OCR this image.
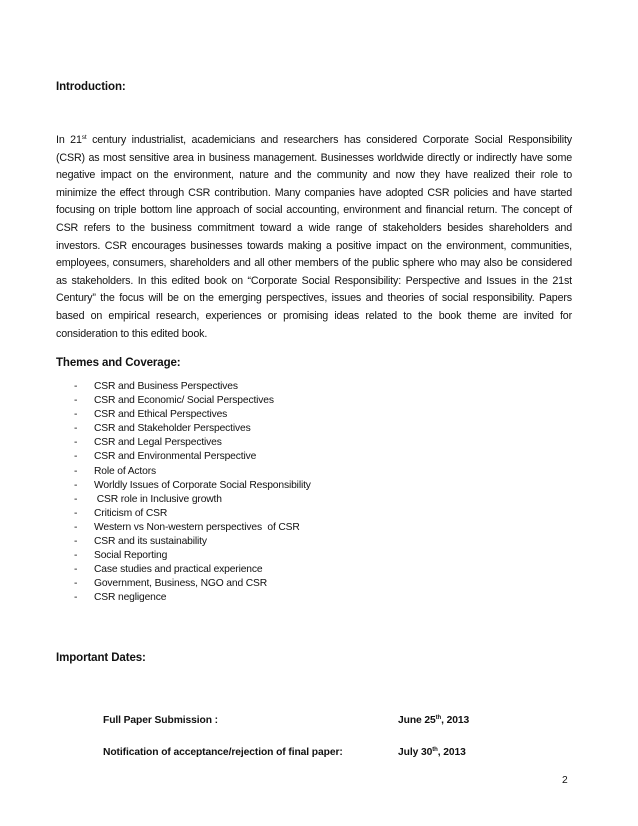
Introduction:
In 21st century industrialist, academicians and researchers has considered Corporate Social Responsibility (CSR) as most sensitive area in business management. Businesses worldwide directly or indirectly have some negative impact on the environment, nature and the community and now they have realized their role to minimize the effect through CSR contribution. Many companies have adopted CSR policies and have started focusing on triple bottom line approach of social accounting, environment and financial return. The concept of CSR refers to the business commitment toward a wide range of stakeholders besides shareholders and investors. CSR encourages businesses towards making a positive impact on the environment, communities, employees, consumers, shareholders and all other members of the public sphere who may also be considered as stakeholders. In this edited book on “Corporate Social Responsibility: Perspective and Issues in the 21st Century” the focus will be on the emerging perspectives, issues and theories of social responsibility. Papers based on empirical research, experiences or promising ideas related to the book theme are invited for consideration to this edited book.
Themes and Coverage:
- CSR and Business Perspectives
- CSR and Economic/ Social Perspectives
- CSR and Ethical Perspectives
- CSR and Stakeholder Perspectives
- CSR and Legal Perspectives
- CSR and Environmental Perspective
- Role of Actors
- Worldly Issues of Corporate Social Responsibility
- CSR role in Inclusive growth
- Criticism of CSR
- Western vs Non-western perspectives  of CSR
- CSR and its sustainability
- Social Reporting
- Case studies and practical experience
- Government, Business, NGO and CSR
- CSR negligence
Important Dates:
Full Paper Submission :	June 25th, 2013
Notification of acceptance/rejection of final paper:	July 30th, 2013
2
